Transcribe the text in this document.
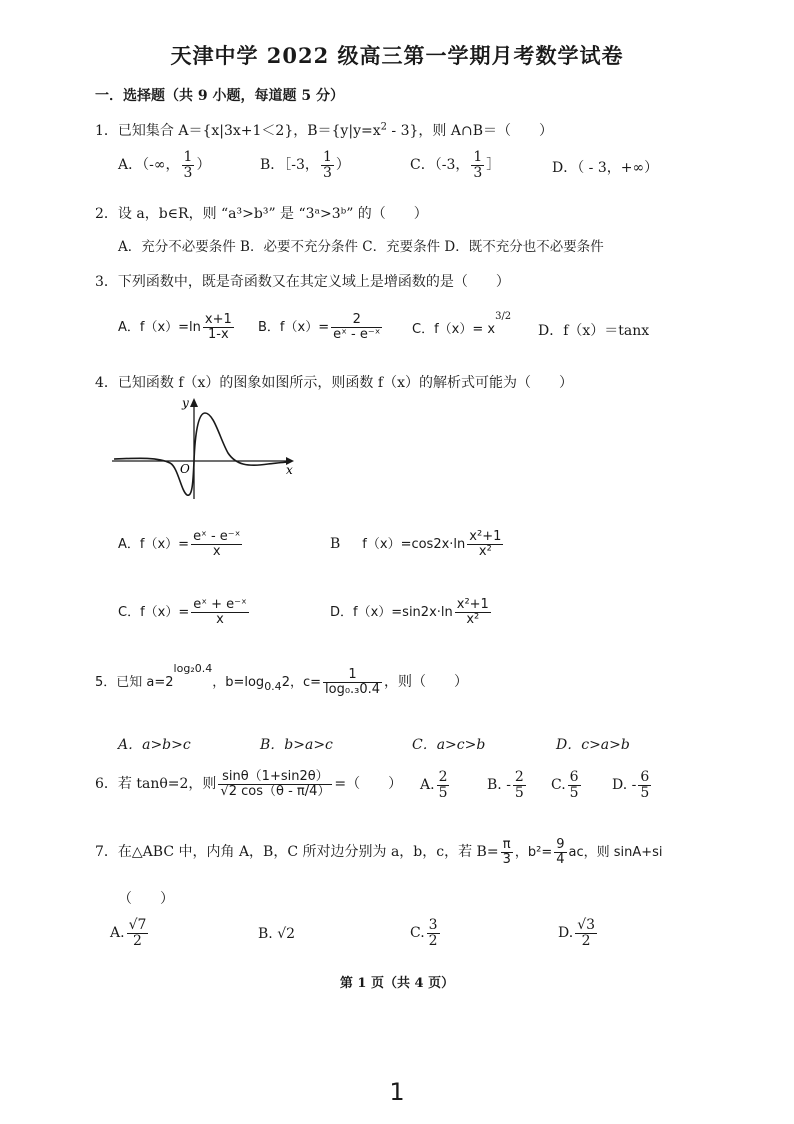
天津中学 2022 级高三第一学期月考数学试卷
一．选择题（共 9 小题，每道题 5 分）
1．已知集合 A＝{x|3x+1＜2}，$B=\{y|y=x^2 - 3\}$，则 A∩B＝（　　）
A．（-∞， $\frac{1}{3}$ ）	B．［-3， $\frac{1}{3}$ ）	C．（-3， $\frac{1}{3}$ ］	D．（ - 3，+∞）
2．设 a，b∈R，则 “a³>b³” 是 “3ᵃ>3ᵇ” 的（　　）
A．充分不必要条件 B．必要不充分条件 C．充要条件 D．既不充分也不必要条件
3．下列函数中，既是奇函数又在其定义域上是增函数的是（　　）
A．$f(x)=\ln \frac{x+1}{1-x}$ B．$f(x)= \frac{2}{\text{eˣ - e⁻ˣ}}$ C．$f(x)= x^{3/2}$
D．f（x）＝tanx
4．已知函数 f（x）的图象如图所示，则函数 f（x）的解析式可能为（　　）
y
x
O
A．$f(x)= \frac{\text{eˣ - e⁻ˣ}}{x}$	B $f(x)=\cos 2x\cdot\ln \frac{\text{x²+1}}{\text{x²}}$
C．$f(x)= \frac{\text{eˣ + e⁻ˣ}}{x}$	D．$f(x)=\sin 2x\cdot\ln \frac{\text{x²+1}}{\text{x²}}$
5．已知 $a=2^{log_20.4}$，$b=\log_{0.4}2$，$c= \frac{1}{\text{log₀.₃0.4}}$ ，则（　　）
A．a>b>c	B．b>a>c	C．a>c>b	D．c>a>b
6．若 tanθ=2，则 $\frac{\sin\theta(1+\sin 2\theta)}{√2 \cos(\theta - \pi/4)}$ =（　　） A. $\frac{2}{5}$	B. - $\frac{2}{5} C$. $\frac{6}{5} D$. - $\frac{6}{5}$
7．在△ABC 中，内角 A，B，C 所对边分别为 a，b，c，若 $B= \frac{\pi}{3}$ ，$b^2= \frac{9}{4}$ ac，则 sinA+si
（　　）
A. $\frac{√7}{2}$	B. √2	C. $\frac{3}{2}$	D. $\frac{√3}{2}$
第 1 页（共 4 页）
1
